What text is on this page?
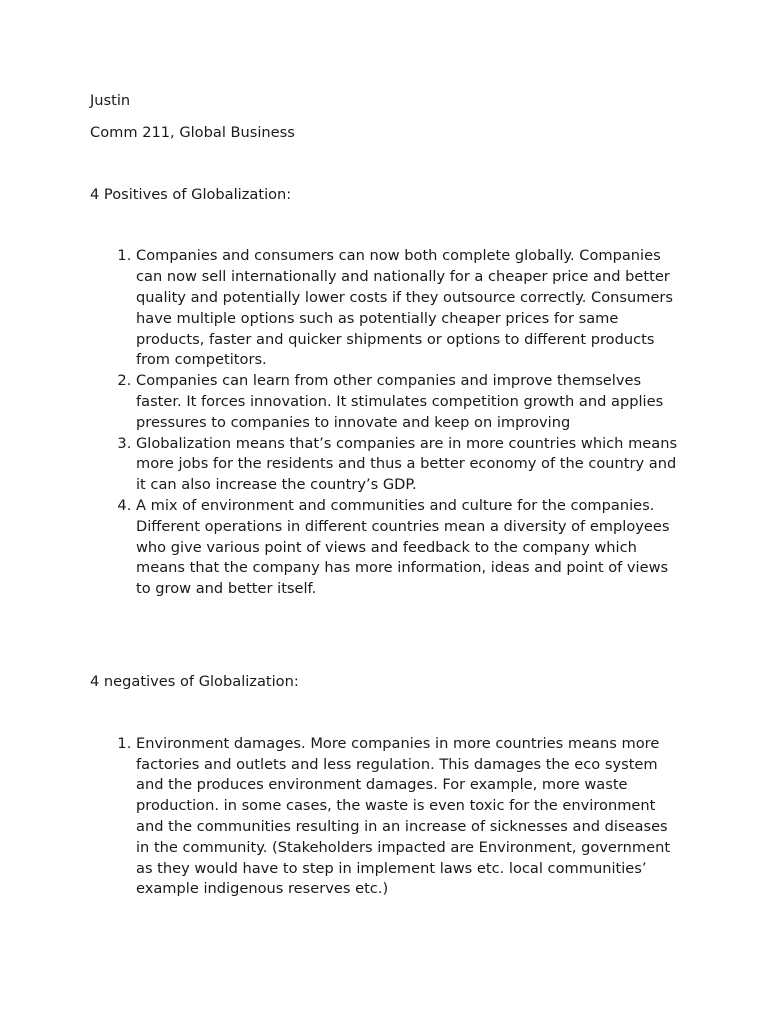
Justin

Comm 211, Global Business

4 Positives of Globalization:

1. Companies and consumers can now both complete globally. Companies can now sell internationally and nationally for a cheaper price and better quality and potentially lower costs if they outsource correctly. Consumers have multiple options such as potentially cheaper prices for same products, faster and quicker shipments or options to different products from competitors.
2. Companies can learn from other companies and improve themselves faster. It forces innovation. It stimulates competition growth and applies pressures to companies to innovate and keep on improving
3. Globalization means that’s companies are in more countries which means more jobs for the residents and thus a better economy of the country and it can also increase the country’s GDP.
4. A mix of environment and communities and culture for the companies. Different operations in different countries mean a diversity of employees who give various point of views and feedback to the company which means that the company has more information, ideas and point of views to grow and better itself.

4 negatives of Globalization:

1. Environment damages. More companies in more countries means more factories and outlets and less regulation. This damages the eco system and the produces environment damages. For example, more waste production. in some cases, the waste is even toxic for the environment and the communities resulting in an increase of sicknesses and diseases in the community. (Stakeholders impacted are Environment, government as they would have to step in implement laws etc. local communities’ example indigenous reserves etc.)
